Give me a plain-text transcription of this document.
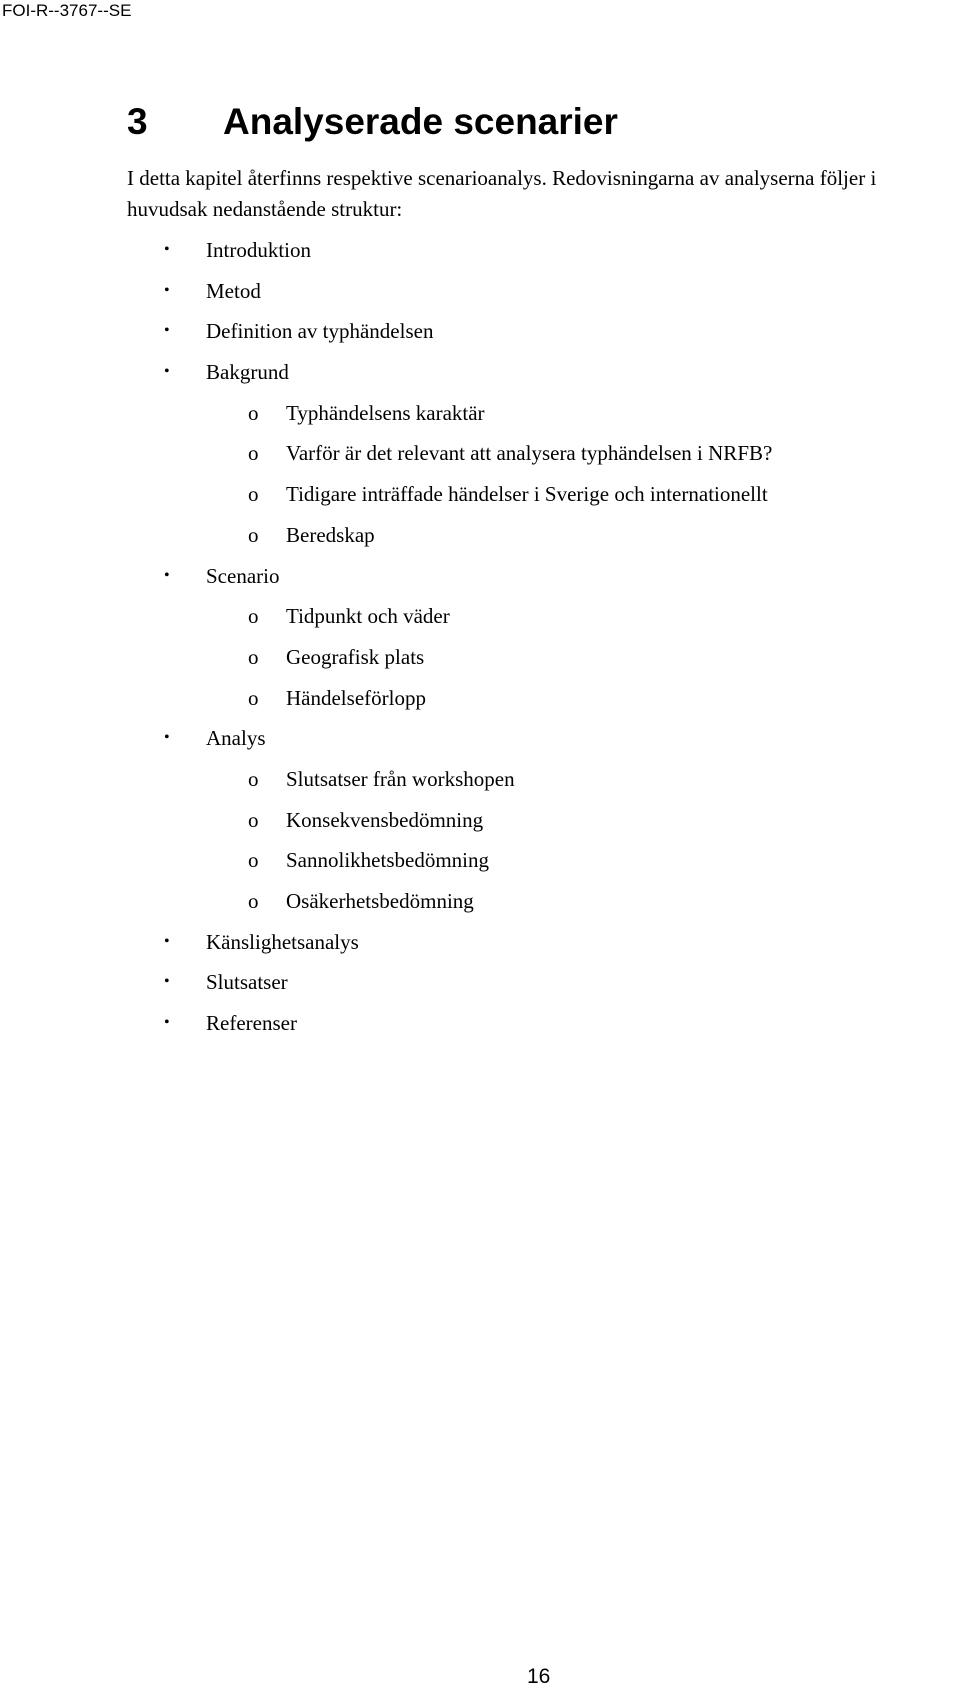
FOI-R--3767--SE
3 Analyserade scenarier

I detta kapitel återfinns respektive scenarioanalys. Redovisningarna av analyserna följer i huvudsak nedanstående struktur:

• Introduktion
• Metod
• Definition av typhändelsen
• Bakgrund
o Typhändelsens karaktär
o Varför är det relevant att analysera typhändelsen i NRFB?
o Tidigare inträffade händelser i Sverige och internationellt
o Beredskap
• Scenario
o Tidpunkt och väder
o Geografisk plats
o Händelseförlopp
• Analys
o Slutsatser från workshopen
o Konsekvensbedömning
o Sannolikhetsbedömning
o Osäkerhetsbedömning
• Känslighetsanalys
• Slutsatser
• Referenser
16
